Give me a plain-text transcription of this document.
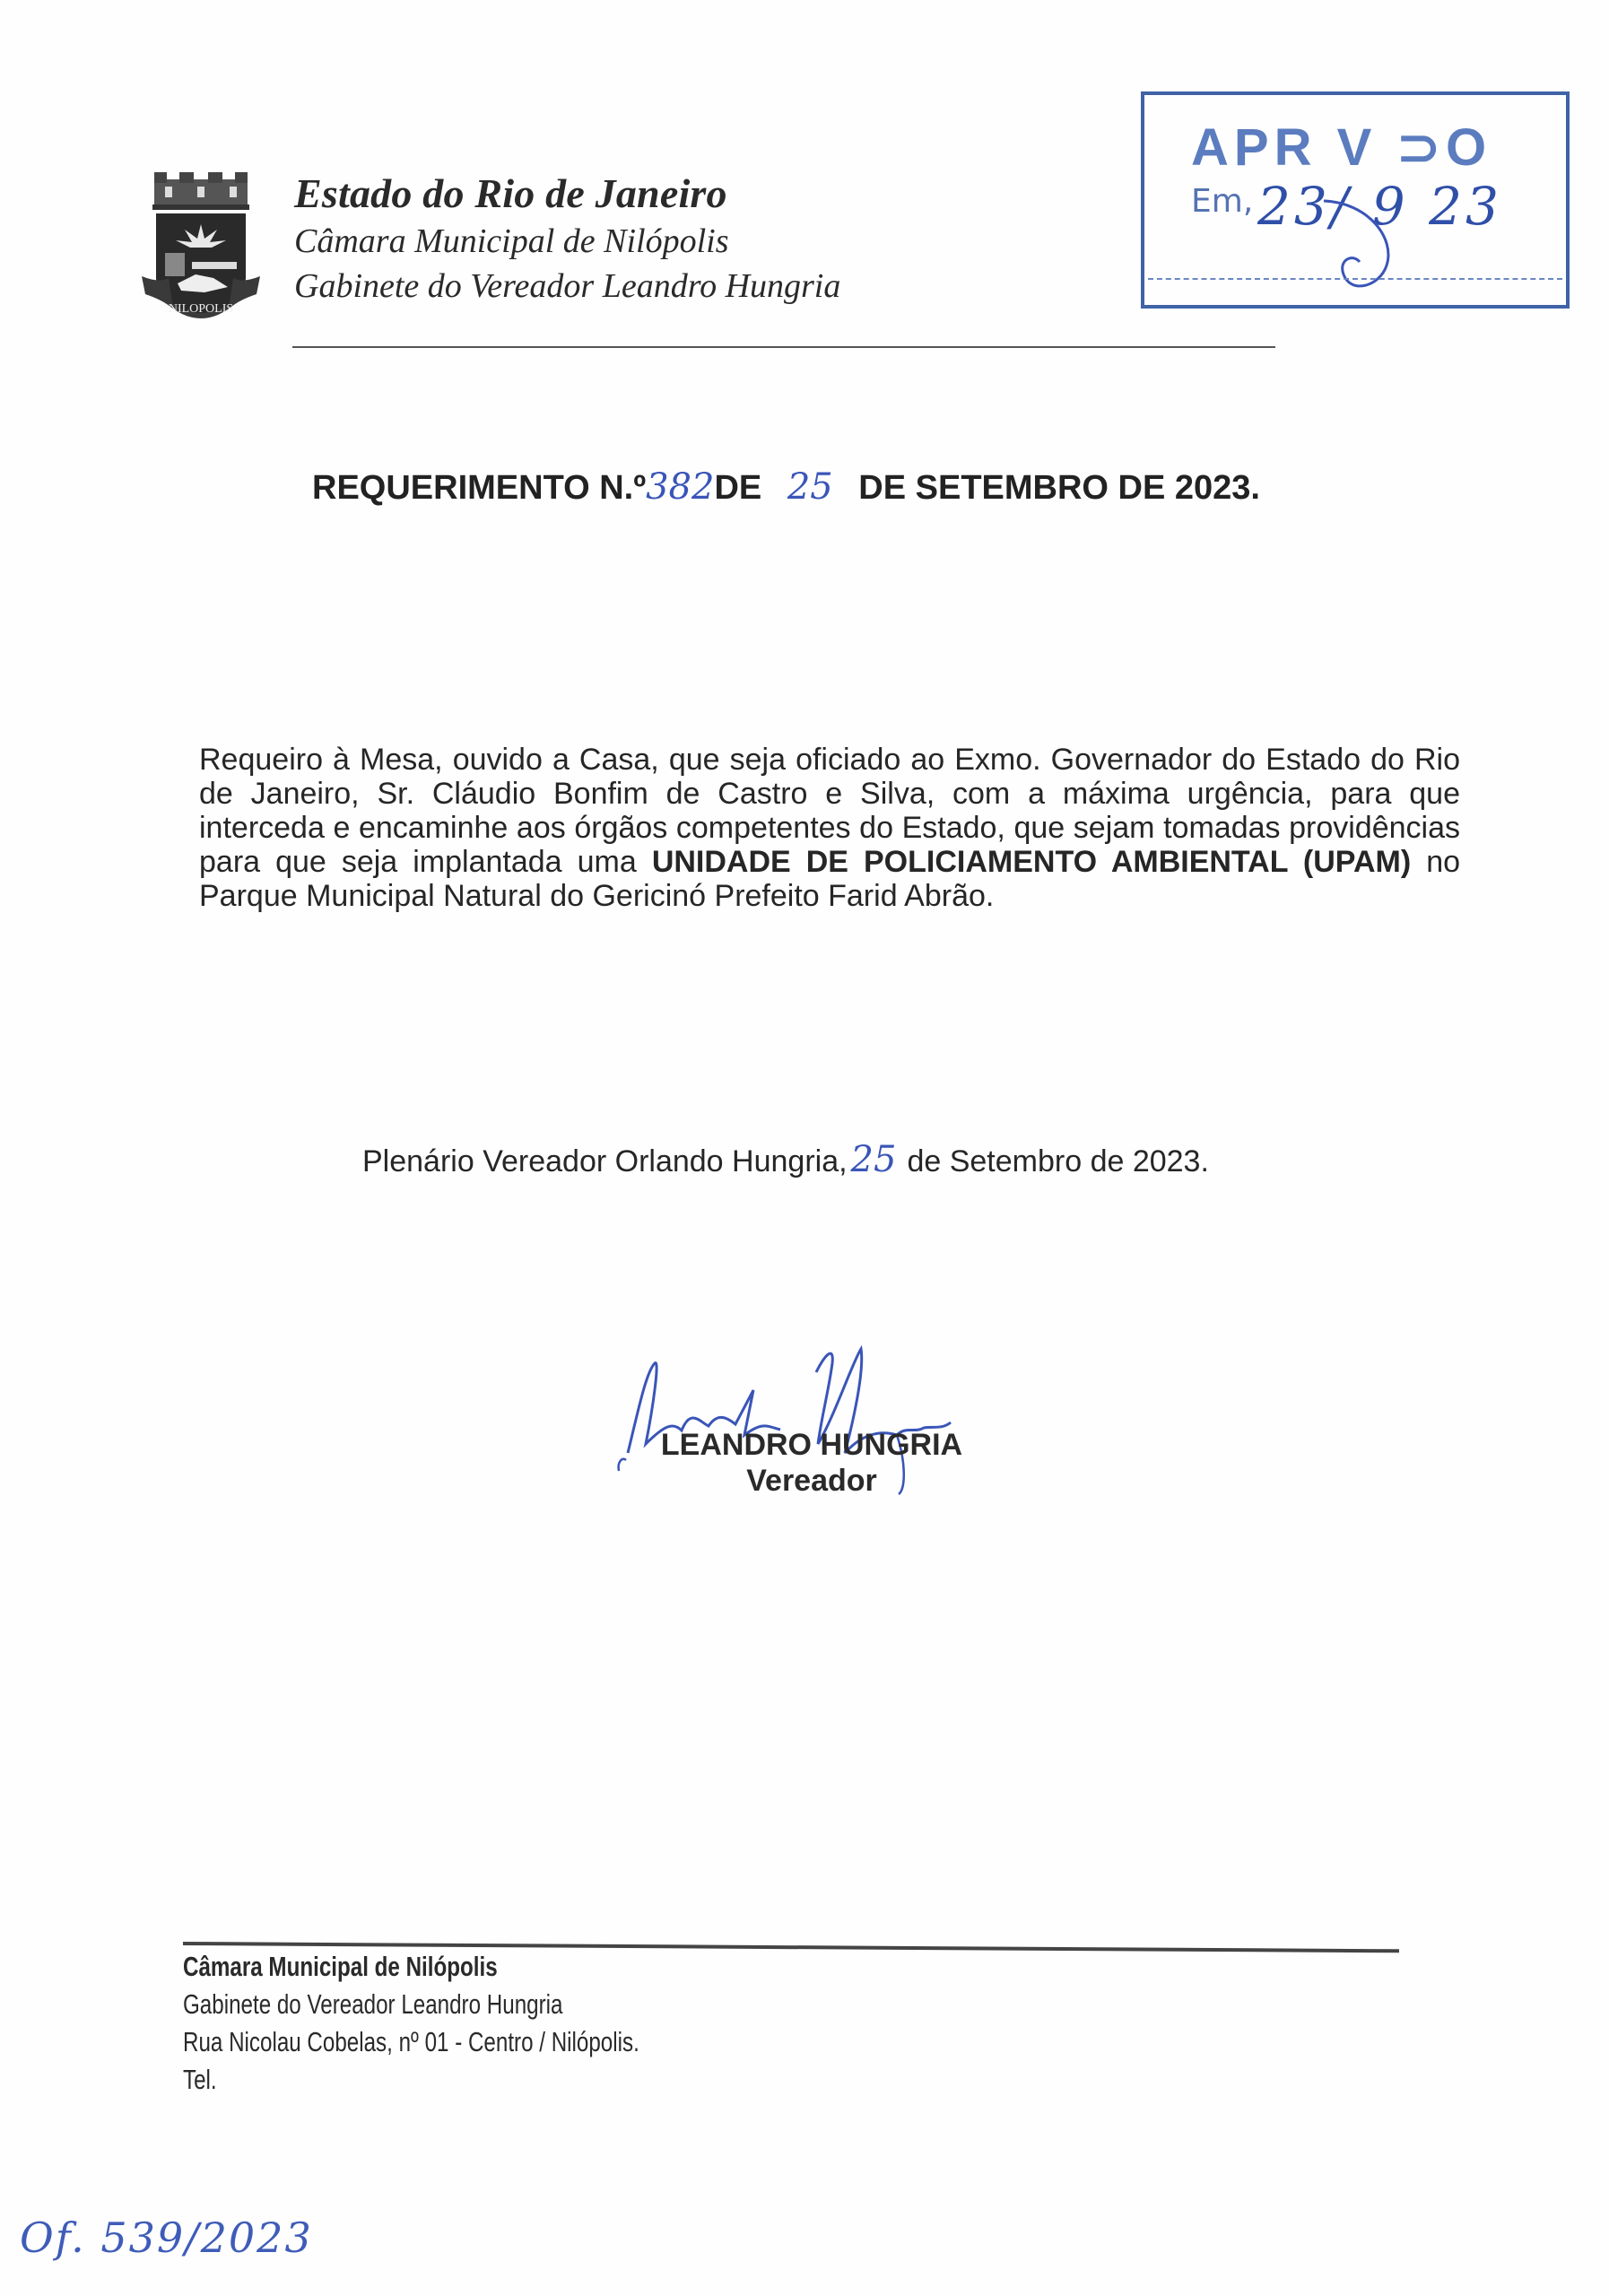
NILOPOLIS
Estado do Rio de Janeiro
Câmara Municipal de Nilópolis
Gabinete do Vereador Leandro Hungria
APR V ⊃O
Em, 23/ 9 23
REQUERIMENTO N.º382DE 25 DE SETEMBRO DE 2023.
Requeiro à Mesa, ouvido a Casa, que seja oficiado ao Exmo. Governador do Estado do Rio de Janeiro, Sr. Cláudio Bonfim de Castro e Silva, com a máxima urgência, para que interceda e encaminhe aos órgãos competentes do Estado, que sejam tomadas providências para que seja implantada uma UNIDADE DE POLICIAMENTO AMBIENTAL (UPAM) no Parque Municipal Natural do Gericinó Prefeito Farid Abrão.
Plenário Vereador Orlando Hungria, 25 de Setembro de 2023.
LEANDRO HUNGRIA
Vereador
Câmara Municipal de Nilópolis
Gabinete do Vereador Leandro Hungria
Rua Nicolau Cobelas, nº 01 - Centro / Nilópolis.
Tel.
Of. 539/2023
